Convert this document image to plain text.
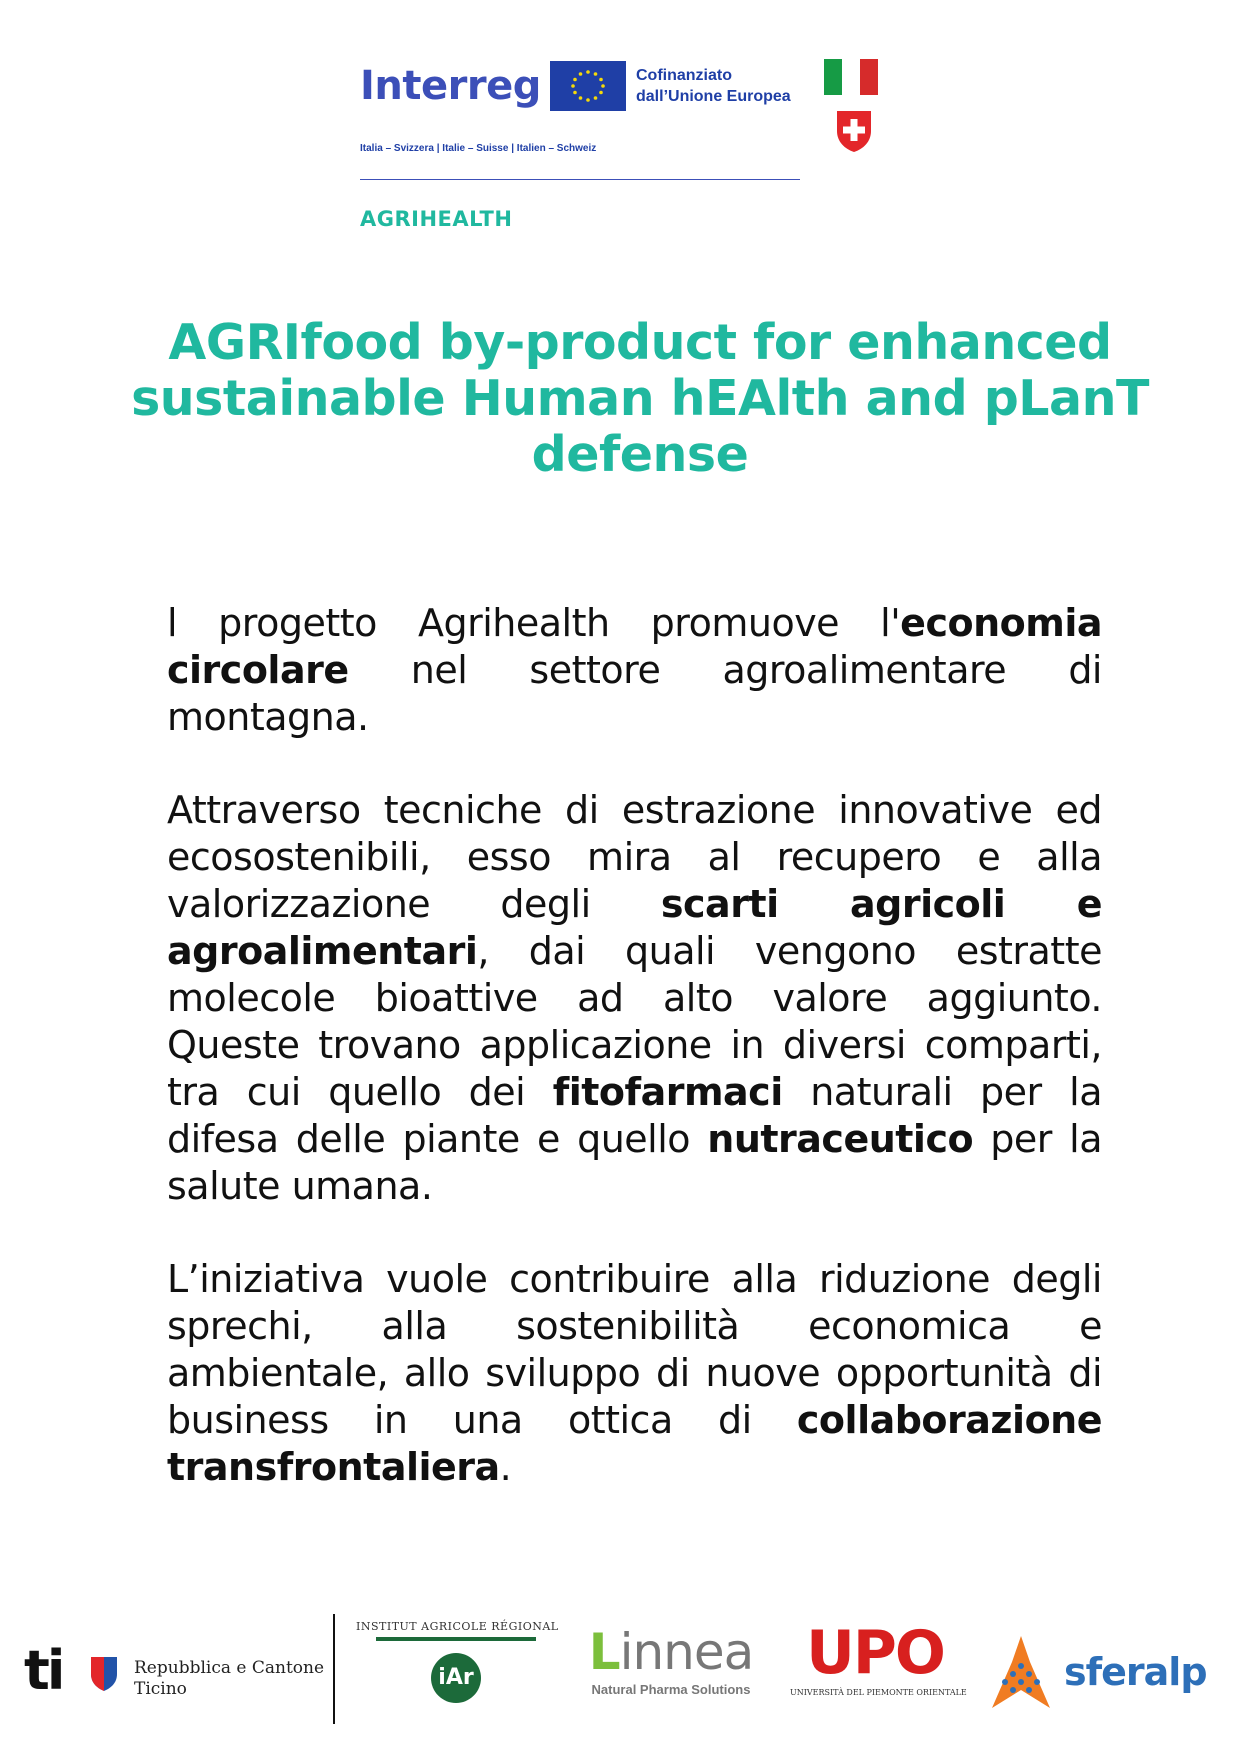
Interreg	Cofinanziato
dall’Unione Europea
Italia – Svizzera | Italie – Suisse | Italien – Schweiz
AGRIHEALTH
AGRIfood by-product for enhanced sustainable Human hEAlth and pLanT defense

l progetto Agrihealth promuove l'economia circolare nel settore agroalimentare di montagna.

Attraverso tecniche di estrazione innovative ed ecosostenibili, esso mira al recupero e alla valorizzazione degli scarti agricoli e agroalimentari, dai quali vengono estratte molecole bioattive ad alto valore aggiunto. Queste trovano applicazione in diversi comparti, tra cui quello dei fitofarmaci naturali per la difesa delle piante e quello nutraceutico per la salute umana.

L’iniziativa vuole contribuire alla riduzione degli sprechi, alla sostenibilità economica e ambientale, allo sviluppo di nuove opportunità di business in una ottica di collaborazione transfrontaliera.

ti	Repubblica e Cantone
Ticino
INSTITUT AGRICOLE RÉGIONAL
iAr Linnea
Natural Pharma Solutions
UPO
UNIVERSITÀ DEL PIEMONTE ORIENTALE	sferalp
